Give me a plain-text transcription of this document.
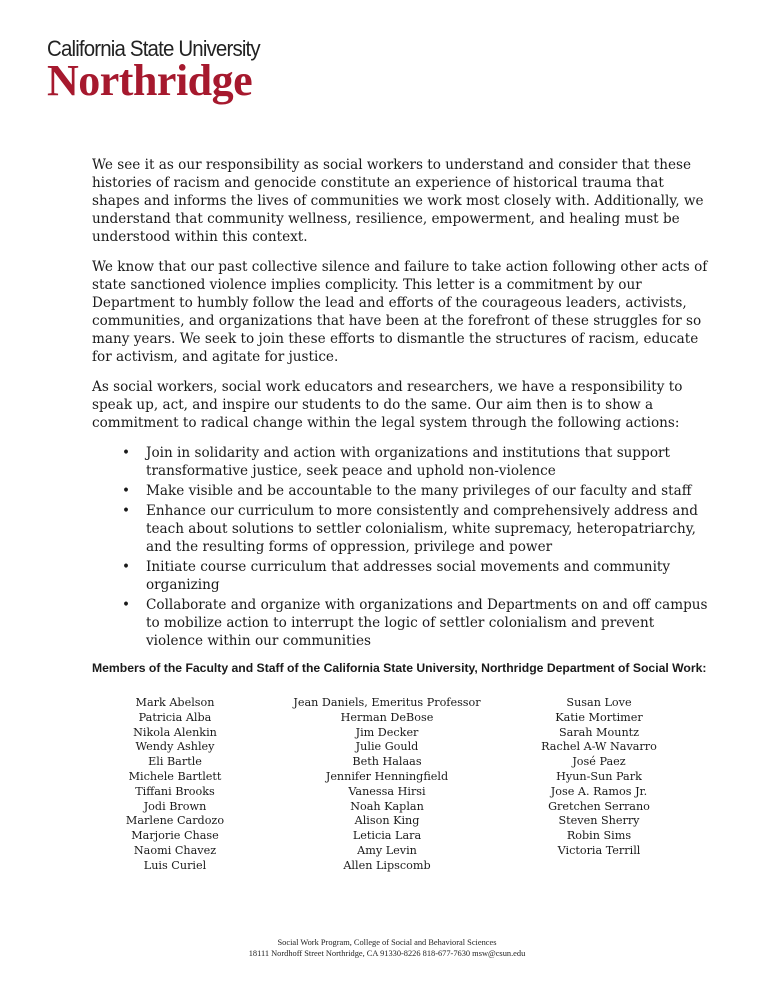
California State University
Northridge

We see it as our responsibility as social workers to understand and consider that these histories of racism and genocide constitute an experience of historical trauma that shapes and informs the lives of communities we work most closely with. Additionally, we understand that community wellness, resilience, empowerment, and healing must be understood within this context.

We know that our past collective silence and failure to take action following other acts of state sanctioned violence implies complicity. This letter is a commitment by our Department to humbly follow the lead and efforts of the courageous leaders, activists, communities, and organizations that have been at the forefront of these struggles for so many years. We seek to join these efforts to dismantle the structures of racism, educate for activism, and agitate for justice.

As social workers, social work educators and researchers, we have a responsibility to speak up, act, and inspire our students to do the same. Our aim then is to show a commitment to radical change within the legal system through the following actions:

• Join in solidarity and action with organizations and institutions that support transformative justice, seek peace and uphold non-violence
• Make visible and be accountable to the many privileges of our faculty and staff
• Enhance our curriculum to more consistently and comprehensively address and teach about solutions to settler colonialism, white supremacy, heteropatriarchy, and the resulting forms of oppression, privilege and power
• Initiate course curriculum that addresses social movements and community organizing
• Collaborate and organize with organizations and Departments on and off campus to mobilize action to interrupt the logic of settler colonialism and prevent violence within our communities
Members of the Faculty and Staff of the California State University, Northridge Department of Social Work:
Mark Abelson
Patricia Alba
Nikola Alenkin
Wendy Ashley
Eli Bartle
Michele Bartlett
Tiffani Brooks
Jodi Brown
Marlene Cardozo
Marjorie Chase
Naomi Chavez
Luis Curiel
Jean Daniels, Emeritus Professor
Herman DeBose
Jim Decker
Julie Gould
Beth Halaas
Jennifer Henningfield
Vanessa Hirsi
Noah Kaplan
Alison King
Leticia Lara
Amy Levin
Allen Lipscomb
Susan Love
Katie Mortimer
Sarah Mountz
Rachel A-W Navarro
José Paez
Hyun-Sun Park
Jose A. Ramos Jr.
Gretchen Serrano
Steven Sherry
Robin Sims
Victoria Terrill
Social Work Program, College of Social and Behavioral Sciences
18111 Nordhoff Street Northridge, CA 91330-8226 818-677-7630 msw@csun.edu
